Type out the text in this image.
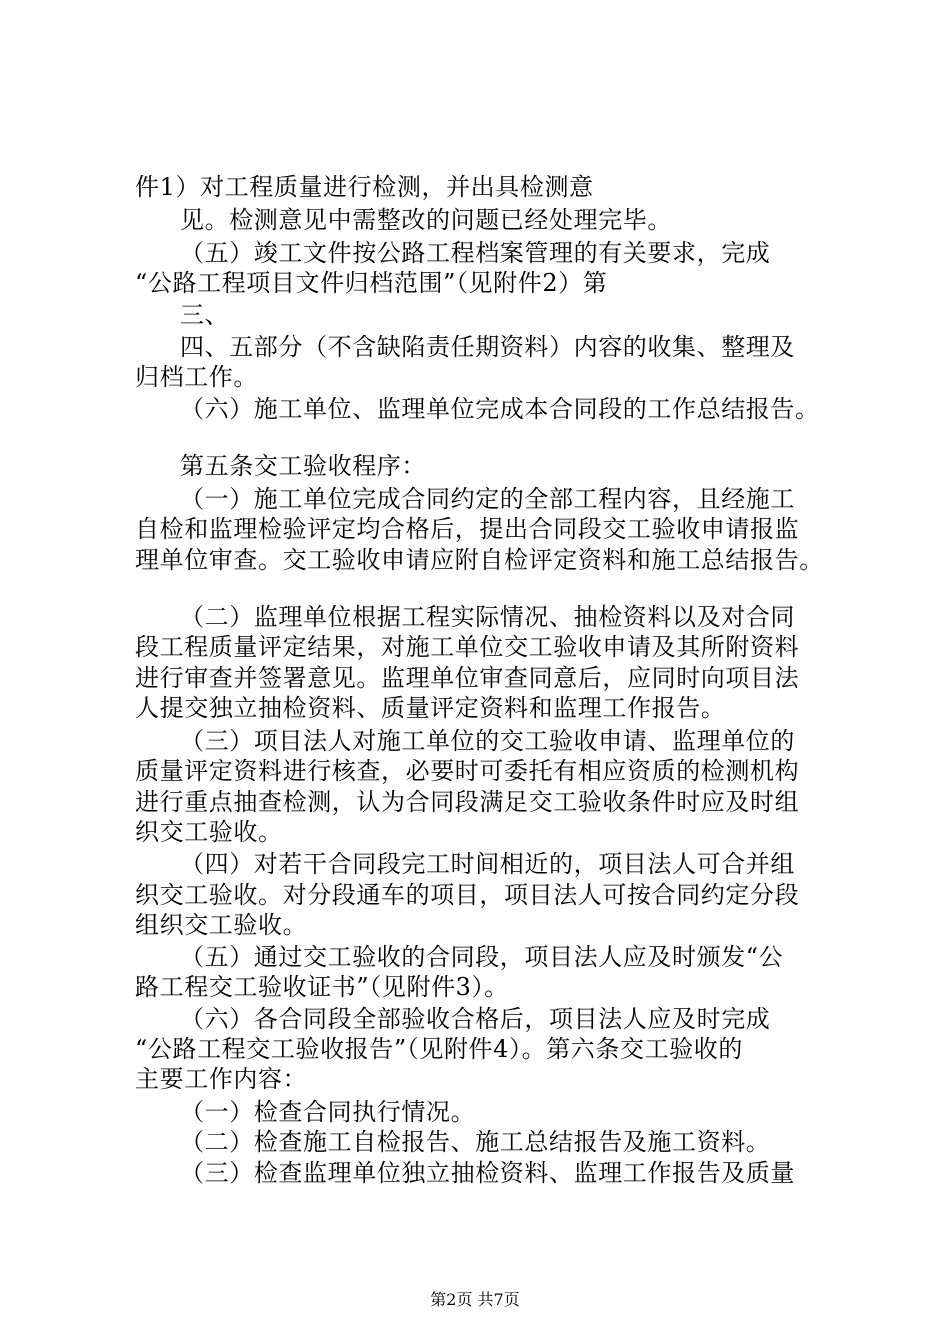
件1）对工程质量进行检测，并出具检测意
见。检测意见中需整改的问题已经处理完毕。
（五）竣工文件按公路工程档案管理的有关要求，完成
“公路工程项目文件归档范围”（见附件2）第
三、
四、五部分（不含缺陷责任期资料）内容的收集、整理及
归档工作。
（六）施工单位、监理单位完成本合同段的工作总结报告。
第五条交工验收程序：
（一）施工单位完成合同约定的全部工程内容，且经施工
自检和监理检验评定均合格后，提出合同段交工验收申请报监
理单位审查。交工验收申请应附自检评定资料和施工总结报告。
（二）监理单位根据工程实际情况、抽检资料以及对合同
段工程质量评定结果，对施工单位交工验收申请及其所附资料
进行审查并签署意见。监理单位审查同意后，应同时向项目法
人提交独立抽检资料、质量评定资料和监理工作报告。
（三）项目法人对施工单位的交工验收申请、监理单位的
质量评定资料进行核查，必要时可委托有相应资质的检测机构
进行重点抽查检测，认为合同段满足交工验收条件时应及时组
织交工验收。
（四）对若干合同段完工时间相近的，项目法人可合并组
织交工验收。对分段通车的项目，项目法人可按合同约定分段
组织交工验收。
（五）通过交工验收的合同段，项目法人应及时颁发“公
路工程交工验收证书”（见附件3）。
（六）各合同段全部验收合格后，项目法人应及时完成
“公路工程交工验收报告”（见附件4）。第六条交工验收的
主要工作内容：
（一）检查合同执行情况。
（二）检查施工自检报告、施工总结报告及施工资料。
（三）检查监理单位独立抽检资料、监理工作报告及质量
第2页 共7页
